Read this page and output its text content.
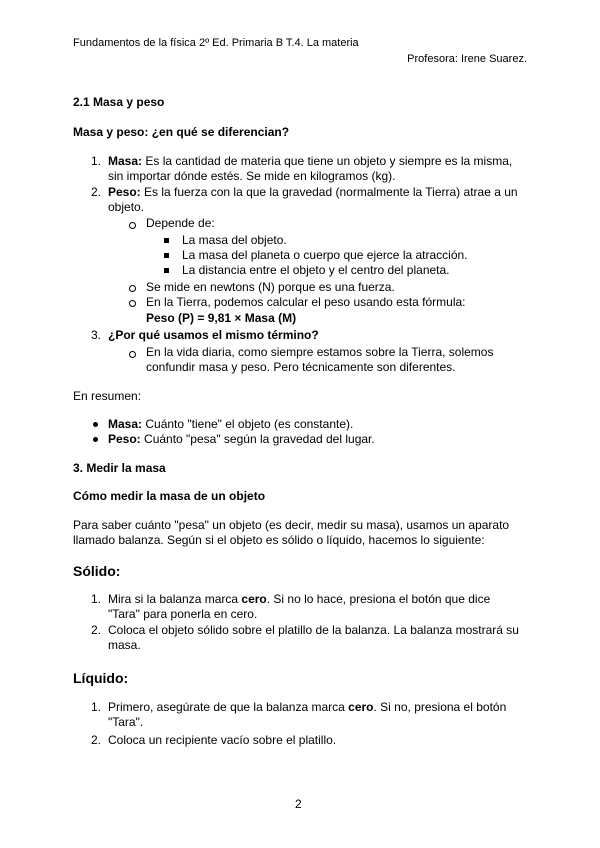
Fundamentos de la física 2º Ed. Primaria B T.4. La materia

Profesora: Irene Suarez.

2.1 Masa y peso

Masa y peso: ¿en qué se diferencian?

1. Masa: Es la cantidad de materia que tiene un objeto y siempre es la misma,

sin importar dónde estés. Se mide en kilogramos (kg).

2. Peso: Es la fuerza con la que la gravedad (normalmente la Tierra) atrae a un

objeto.

Depende de:

La masa del objeto.

La masa del planeta o cuerpo que ejerce la atracción.

La distancia entre el objeto y el centro del planeta.

Se mide en newtons (N) porque es una fuerza.

En la Tierra, podemos calcular el peso usando esta fórmula:

Peso (P) = 9,81 × Masa (M)

3. ¿Por qué usamos el mismo término?

En la vida diaria, como siempre estamos sobre la Tierra, solemos

confundir masa y peso. Pero técnicamente son diferentes.

En resumen:

Masa: Cuánto "tiene" el objeto (es constante).

Peso: Cuánto "pesa" según la gravedad del lugar.

3. Medir la masa

Cómo medir la masa de un objeto

Para saber cuánto "pesa" un objeto (es decir, medir su masa), usamos un aparato

llamado balanza. Según si el objeto es sólido o líquido, hacemos lo siguiente:

Sólido:

1. Mira si la balanza marca cero. Si no lo hace, presiona el botón que dice

"Tara" para ponerla en cero.

2. Coloca el objeto sólido sobre el platillo de la balanza. La balanza mostrará su

masa.

Líquido:

1. Primero, asegúrate de que la balanza marca cero. Si no, presiona el botón

"Tara".

2. Coloca un recipiente vacío sobre el platillo.

2
